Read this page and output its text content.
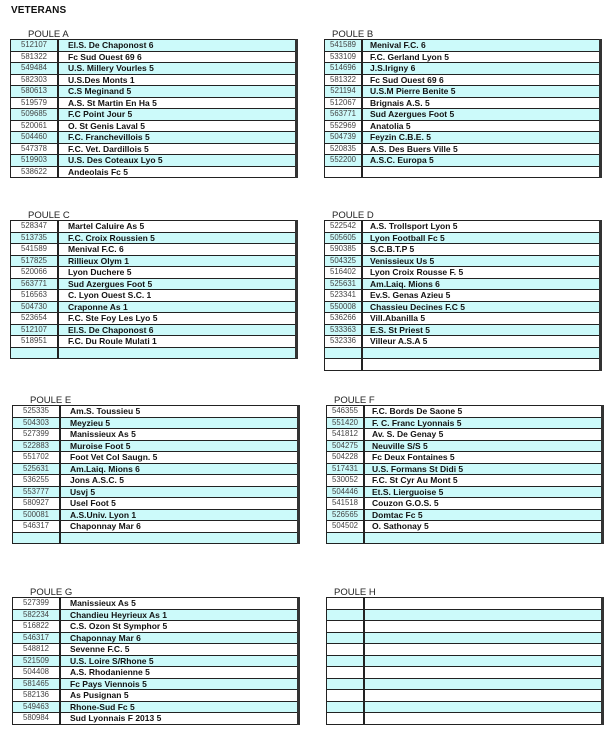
VETERANS
POULE A
512107	El.S. De Chaponost 6
581322	Fc Sud Ouest 69 6
549484	U.S. Millery Vourles 5
582303	U.S.Des Monts 1
580613	C.S Meginand 5
519579	A.S. St Martin En Ha 5
509685	F.C Point Jour 5
520061	O. St Genis Laval 5
504460	F.C. Franchevillois 5
547378	F.C. Vet. Dardillois 5
519903	U.S. Des Coteaux Lyo 5
538622	Andeolais Fc 5
POULE B
541589	Menival F.C. 6
533109	F.C. Gerland Lyon 5
514696	J.S.Irigny 6
581322	Fc Sud Ouest 69 6
521194	U.S.M Pierre Benite 5
512067	Brignais A.S. 5
563771	Sud Azergues Foot 5
552969	Anatolia 5
504739	Feyzin C.B.E. 5
520835	A.S. Des Buers Ville 5
552200	A.S.C. Europa 5

POULE C
528347	Martel Caluire As 5
513735	F.C. Croix Roussien 5
541589	Menival F.C. 6
517825	Rillieux Olym 1
520066	Lyon Duchere 5
563771	Sud Azergues Foot 5
516563	C. Lyon Ouest S.C. 1
504730	Craponne As 1
523654	F.C. Ste Foy Les Lyo 5
512107	El.S. De Chaponost 6
518951	F.C. Du Roule Mulati 1

POULE D
522542	A.S. Trollsport Lyon 5
505605	Lyon Football Fc 5
590385	S.C.B.T.P 5
504325	Venissieux Us 5
516402	Lyon Croix Rousse F. 5
525631	Am.Laiq. Mions 6
523341	Ev.S. Genas Azieu 5
550008	Chassieu Decines F.C 5
536266	Vill.Abanilla 5
533363	E.S. St Priest 5
532336	Villeur A.S.A 5

POULE E
525335	Am.S. Toussieu 5
504303	Meyzieu 5
527399	Manissieux As 5
522883	Muroise Foot 5
551702	Foot Vet Col Saugn. 5
525631	Am.Laiq. Mions 6
536255	Jons A.S.C. 5
553777	Usvj 5
580927	Usel Foot 5
500081	A.S.Univ. Lyon 1
546317	Chaponnay Mar 6

POULE F
546355	F.C. Bords De Saone 5
551420	F. C. Franc Lyonnais 5
541812	Av. S. De Genay 5
504275	Neuville S/S 5
504228	Fc Deux Fontaines 5
517431	U.S. Formans St Didi 5
530052	F.C. St Cyr Au Mont 5
504446	Et.S. Lierguoise 5
541518	Couzon G.O.S. 5
526565	Domtac Fc 5
504502	O. Sathonay 5

POULE G
527399	Manissieux As 5
582234	Chandieu Heyrieux As 1
516822	C.S. Ozon St Symphor 5
546317	Chaponnay Mar 6
548812	Sevenne F.C. 5
521509	U.S. Loire S/Rhone 5
504408	A.S. Rhodanienne 5
581465	Fc Pays Viennois 5
582136	As Pusignan 5
549463	Rhone-Sud Fc 5
580984	Sud Lyonnais F 2013 5
POULE H
